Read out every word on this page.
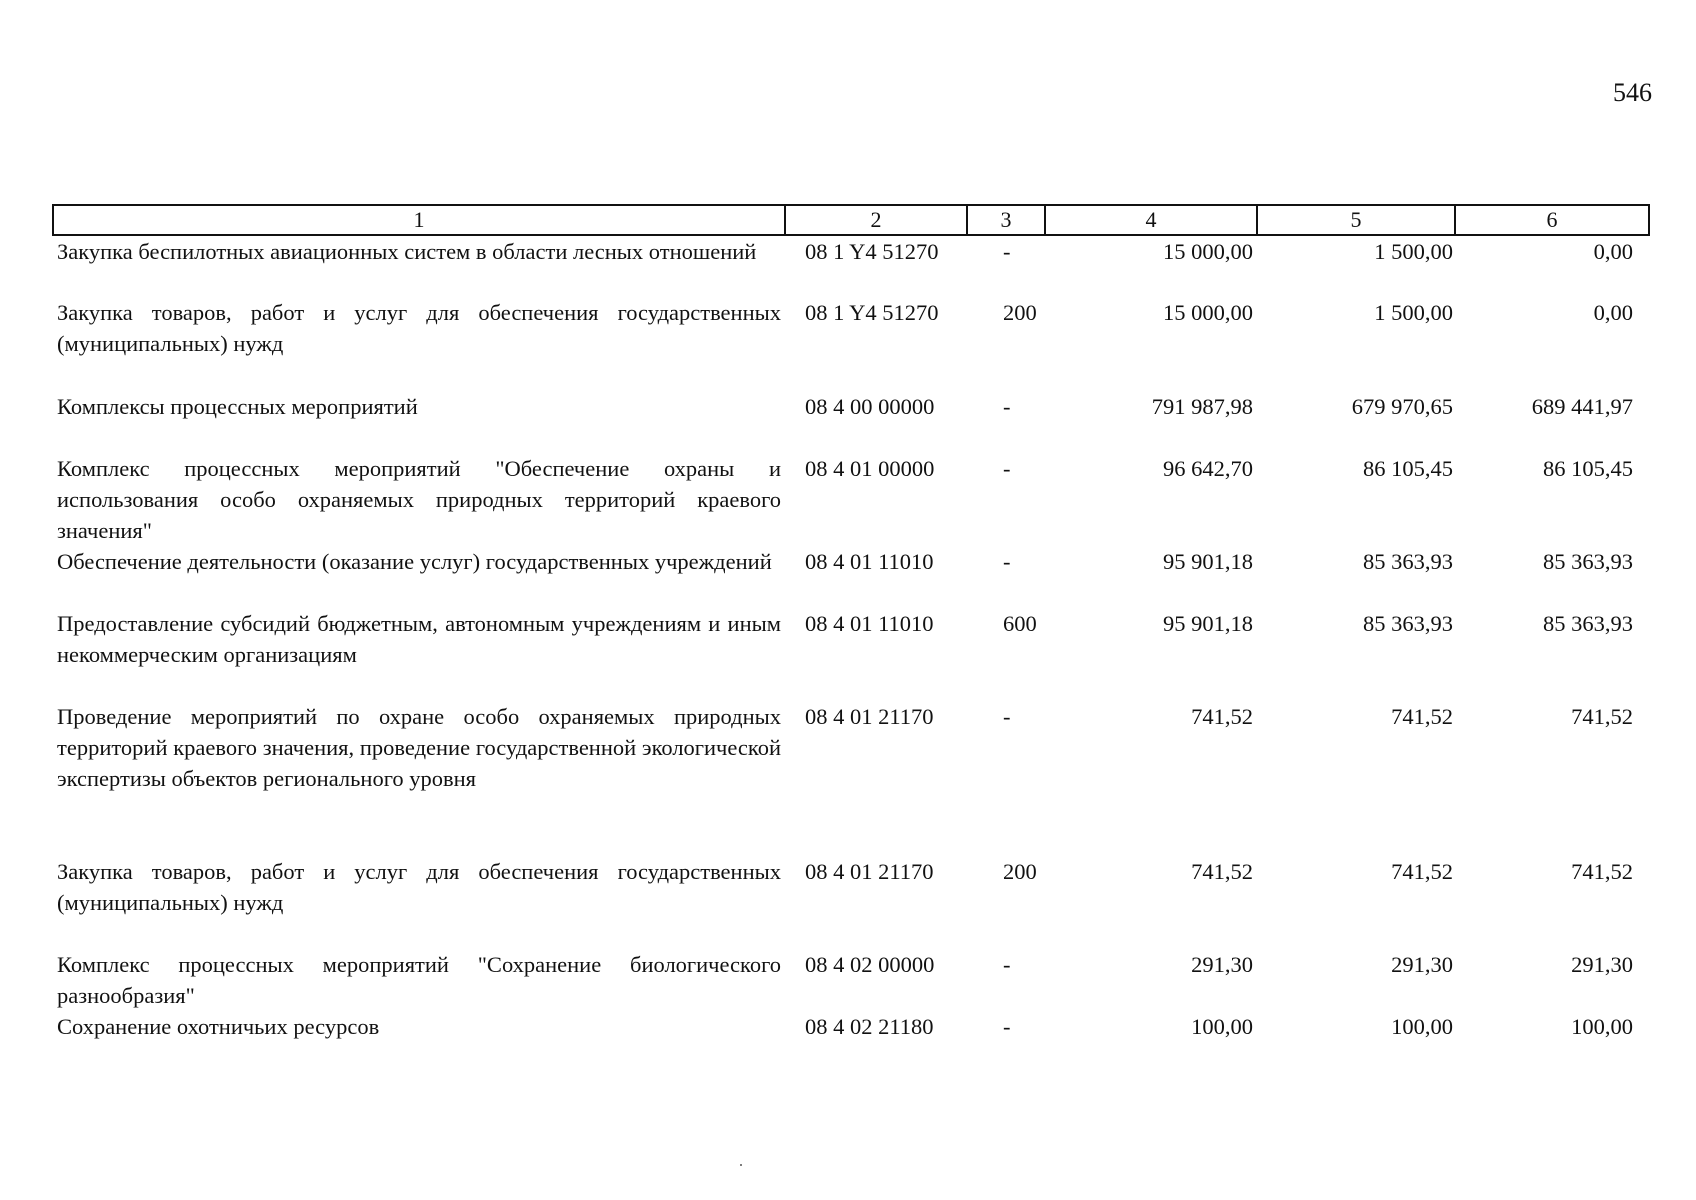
546
1	2	3	4	5	6
Закупка беспилотных авиационных систем в области лесных отношений	08 1 Y4 51270	-	15 000,00	1 500,00	0,00
Закупка товаров, работ и услуг для обеспечения государственных (муниципальных) нужд	08 1 Y4 51270	200	15 000,00	1 500,00	0,00
Комплексы процессных мероприятий	08 4 00 00000	-	791 987,98	679 970,65	689 441,97
Комплекс процессных мероприятий "Обеспечение охраны и использования особо охраняемых природных территорий краевого значения"	08 4 01 00000	-	96 642,70	86 105,45	86 105,45
Обеспечение деятельности (оказание услуг) государственных учреждений	08 4 01 11010	-	95 901,18	85 363,93	85 363,93
Предоставление субсидий бюджетным, автономным учреждениям и иным некоммерческим организациям	08 4 01 11010	600	95 901,18	85 363,93	85 363,93
Проведение мероприятий по охране особо охраняемых природных территорий краевого значения, проведение государственной экологической экспертизы объектов регионального уровня	08 4 01 21170	-	741,52	741,52	741,52
Закупка товаров, работ и услуг для обеспечения государственных (муниципальных) нужд	08 4 01 21170	200	741,52	741,52	741,52
Комплекс процессных мероприятий "Сохранение биологического разнообразия"	08 4 02 00000	-	291,30	291,30	291,30
Сохранение охотничьих ресурсов	08 4 02 21180	-	100,00	100,00	100,00
